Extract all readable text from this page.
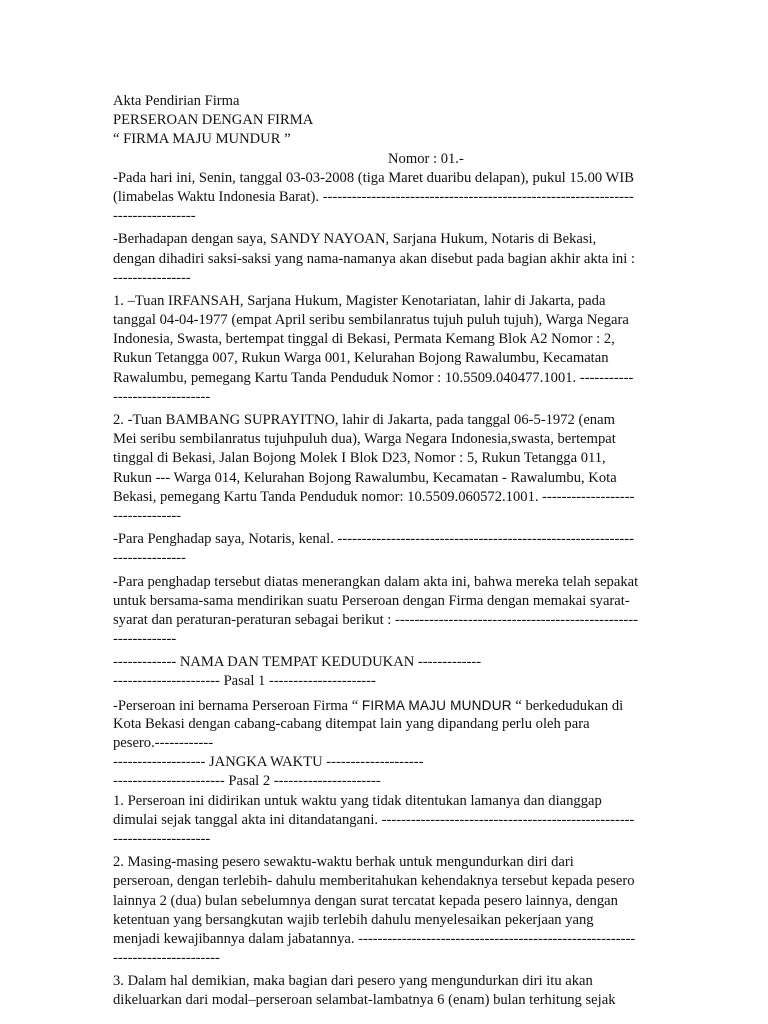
Akta Pendirian Firma
PERSEROAN DENGAN FIRMA
“ FIRMA MAJU MUNDUR ”
Nomor : 01.-
-Pada hari ini, Senin, tanggal 03-03-2008 (tiga Maret duaribu delapan), pukul 15.00 WIB
(limabelas Waktu Indonesia Barat). ----------------------------------------------------------------
-----------------
-Berhadapan dengan saya, SANDY NAYOAN, Sarjana Hukum, Notaris di Bekasi,
dengan dihadiri saksi-saksi yang nama-namanya akan disebut pada bagian akhir akta ini :
----------------
1. –Tuan IRFANSAH, Sarjana Hukum, Magister Kenotariatan, lahir di Jakarta, pada
tanggal 04-04-1977 (empat April seribu sembilanratus tujuh puluh tujuh), Warga Negara
Indonesia, Swasta, bertempat tinggal di Bekasi, Permata Kemang Blok A2 Nomor : 2,
Rukun Tetangga 007, Rukun Warga 001, Kelurahan Bojong Rawalumbu, Kecamatan
Rawalumbu, pemegang Kartu Tanda Penduduk Nomor : 10.5509.040477.1001. -----------
--------------------
2. -Tuan BAMBANG SUPRAYITNO, lahir di Jakarta, pada tanggal 06-5-1972 (enam
Mei seribu sembilanratus tujuhpuluh dua), Warga Negara Indonesia,swasta, bertempat
tinggal di Bekasi, Jalan Bojong Molek I Blok D23, Nomor : 5, Rukun Tetangga 011,
Rukun --- Warga 014, Kelurahan Bojong Rawalumbu, Kecamatan - Rawalumbu, Kota
Bekasi, pemegang Kartu Tanda Penduduk nomor: 10.5509.060572.1001. -------------------
--------------
-Para Penghadap saya, Notaris, kenal. -------------------------------------------------------------
---------------
-Para penghadap tersebut diatas menerangkan dalam akta ini, bahwa mereka telah sepakat
untuk bersama-sama mendirikan suatu Perseroan dengan Firma dengan memakai syarat-
syarat dan peraturan-peraturan sebagai berikut : --------------------------------------------------
-------------
------------- NAMA DAN TEMPAT KEDUDUKAN -------------
---------------------- Pasal 1 ----------------------
-Perseroan ini bernama Perseroan Firma “ FIRMA MAJU MUNDUR “ berkedudukan di
Kota Bekasi dengan cabang-cabang ditempat lain yang dipandang perlu oleh para
pesero.------------
------------------- JANGKA WAKTU --------------------
----------------------- Pasal 2 ----------------------
1. Perseroan ini didirikan untuk waktu yang tidak ditentukan lamanya dan dianggap
dimulai sejak tanggal akta ini ditandatangani. ----------------------------------------------------
--------------------
2. Masing-masing pesero sewaktu-waktu berhak untuk mengundurkan diri dari
perseroan, dengan terlebih- dahulu memberitahukan kehendaknya tersebut kepada pesero
lainnya 2 (dua) bulan sebelumnya dengan surat tercatat kepada pesero lainnya, dengan
ketentuan yang bersangkutan wajib terlebih dahulu menyelesaikan pekerjaan yang
menjadi kewajibannya dalam jabatannya. ---------------------------------------------------------
----------------------
3. Dalam hal demikian, maka bagian dari pesero yang mengundurkan diri itu akan
dikeluarkan dari modal–perseroan selambat-lambatnya 6 (enam) bulan terhitung sejak
